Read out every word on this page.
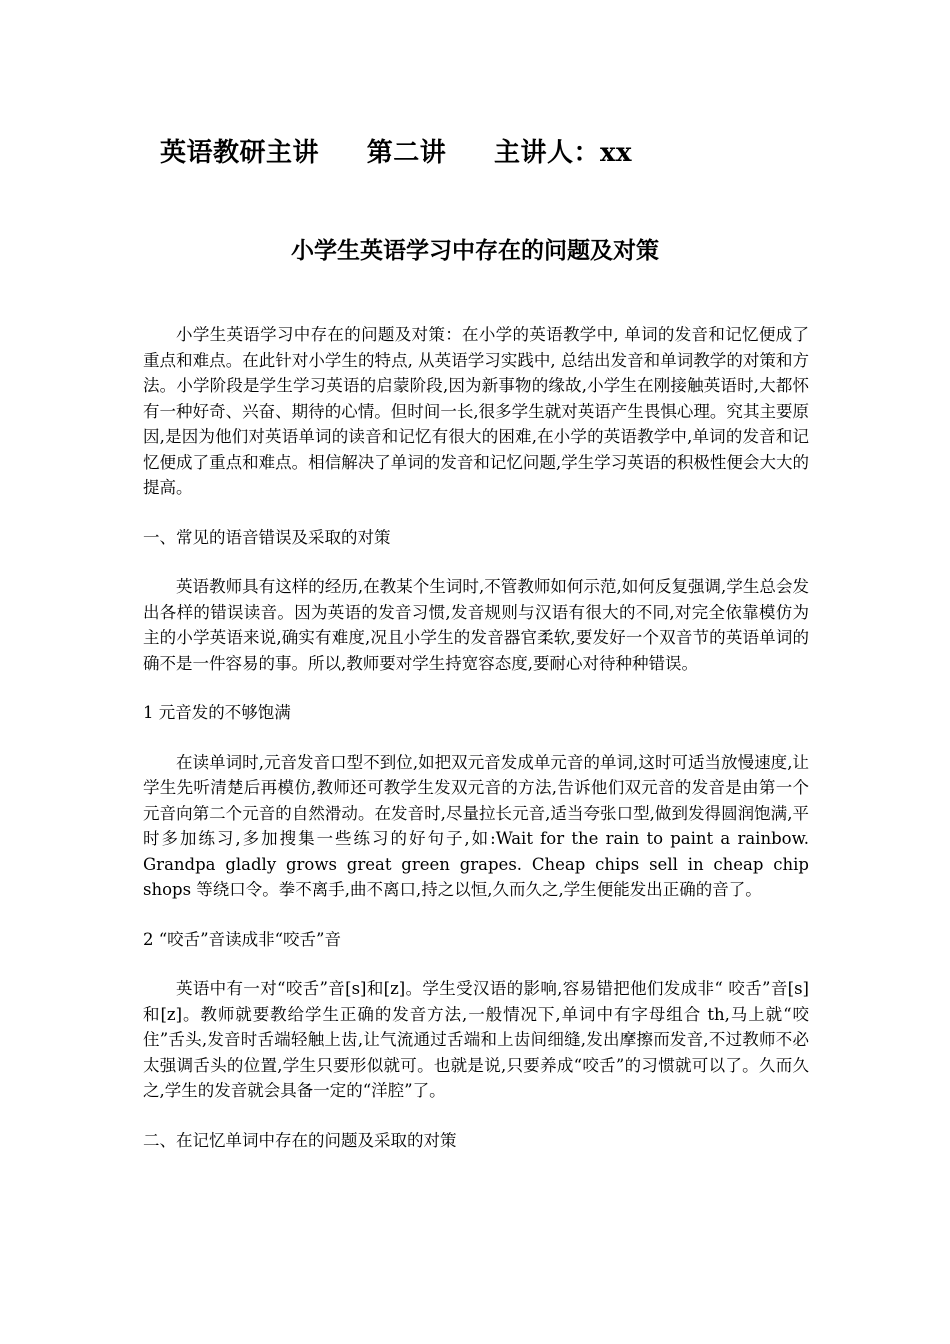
英语教研主讲     第二讲     主讲人：xx
小学生英语学习中存在的问题及对策

小学生英语学习中存在的问题及对策：在小学的英语教学中, 单词的发音和记忆便成了重点和难点。在此针对小学生的特点, 从英语学习实践中, 总结出发音和单词教学的对策和方法。小学阶段是学生学习英语的启蒙阶段,因为新事物的缘故,小学生在刚接触英语时,大都怀有一种好奇、兴奋、期待的心情。但时间一长,很多学生就对英语产生畏惧心理。究其主要原因,是因为他们对英语单词的读音和记忆有很大的困难,在小学的英语教学中,单词的发音和记忆便成了重点和难点。相信解决了单词的发音和记忆问题,学生学习英语的积极性便会大大的提高。

一、常见的语音错误及采取的对策

英语教师具有这样的经历,在教某个生词时,不管教师如何示范,如何反复强调,学生总会发出各样的错误读音。因为英语的发音习惯,发音规则与汉语有很大的不同,对完全依靠模仿为主的小学英语来说,确实有难度,况且小学生的发音器官柔软,要发好一个双音节的英语单词的确不是一件容易的事。所以,教师要对学生持宽容态度,要耐心对待种种错误。

1 元音发的不够饱满

在读单词时,元音发音口型不到位,如把双元音发成单元音的单词,这时可适当放慢速度,让学生先听清楚后再模仿,教师还可教学生发双元音的方法,告诉他们双元音的发音是由第一个元音向第二个元音的自然滑动。在发音时,尽量拉长元音,适当夸张口型,做到发得圆润饱满,平时多加练习,多加搜集一些练习的好句子,如:Wait for the rain to paint a rainbow. Grandpa gladly grows great green grapes. Cheap chips sell in cheap chip shops 等绕口令。拳不离手,曲不离口,持之以恒,久而久之,学生便能发出正确的音了。

2 “咬舌”音读成非“咬舌”音

英语中有一对“咬舌”音[s]和[z]。学生受汉语的影响,容易错把他们发成非“ 咬舌”音[s]和[z]。教师就要教给学生正确的发音方法,一般情况下,单词中有字母组合 th,马上就“咬住”舌头,发音时舌端轻触上齿,让气流通过舌端和上齿间细缝,发出摩擦而发音,不过教师不必太强调舌头的位置,学生只要形似就可。也就是说,只要养成“咬舌”的习惯就可以了。久而久之,学生的发音就会具备一定的“洋腔”了。

二、在记忆单词中存在的问题及采取的对策
